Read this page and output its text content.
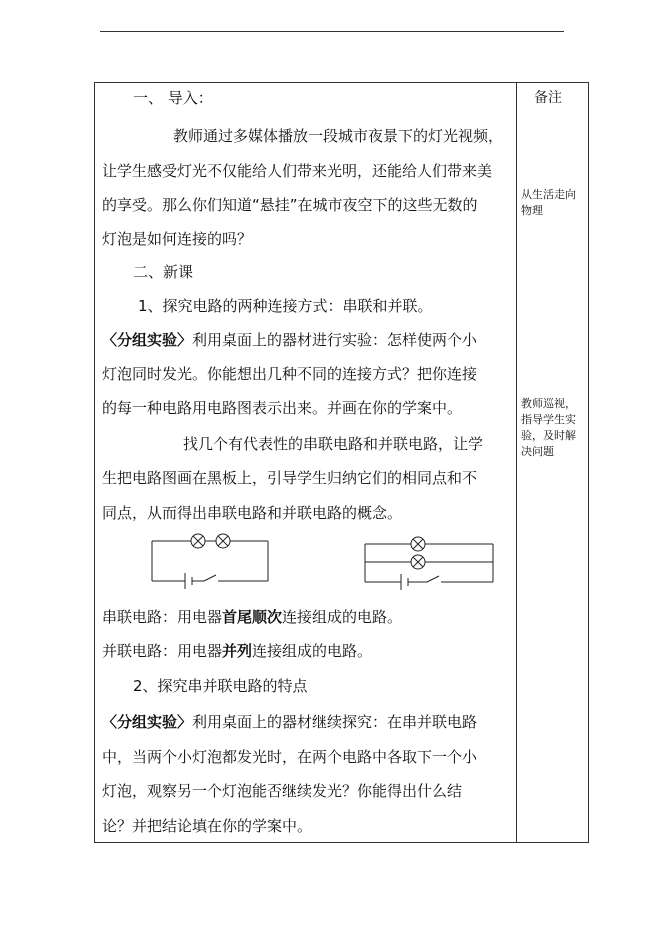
一、 导入：
教师通过多媒体播放一段城市夜景下的灯光视频，
让学生感受灯光不仅能给人们带来光明，还能给人们带来美
的享受。那么你们知道“悬挂”在城市夜空下的这些无数的
灯泡是如何连接的吗？
二、新课
1、探究电路的两种连接方式：串联和并联。
〈分组实验〉利用桌面上的器材进行实验：怎样使两个小
灯泡同时发光。你能想出几种不同的连接方式？把你连接
的每一种电路用电路图表示出来。并画在你的学案中。
找几个有代表性的串联电路和并联电路，让学
生把电路图画在黑板上，引导学生归纳它们的相同点和不
同点，从而得出串联电路和并联电路的概念。
串联电路：用电器首尾顺次连接组成的电路。
并联电路：用电器并列连接组成的电路。
2、探究串并联电路的特点
〈分组实验〉利用桌面上的器材继续探究：在串并联电路
中，当两个小灯泡都发光时，在两个电路中各取下一个小
灯泡，观察另一个灯泡能否继续发光？你能得出什么结
论？并把结论填在你的学案中。
备注
从生活走向物理
教师巡视，指导学生实验，及时解决问题
